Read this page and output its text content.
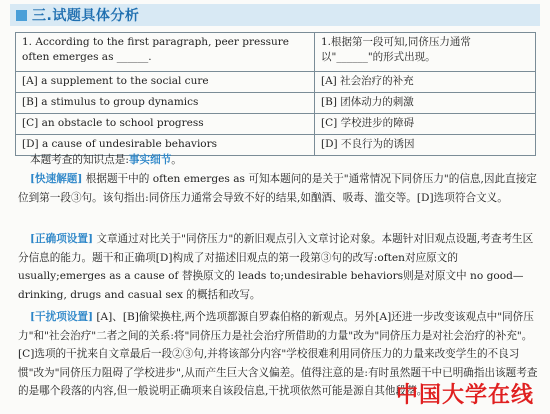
三.试题具体分析
1. According to the first paragraph, peer pressure often emerges as ______.	1.根据第一段可知,同侪压力通常以"______"的形式出现。
[A] a supplement to the social cure	[A] 社会治疗的补充
[B] a stimulus to group dynamics	[B] 团体动力的刺激
[C] an obstacle to school progress	[C] 学校进步的障碍
[D] a cause of undesirable behaviors	[D] 不良行为的诱因
本题考查的知识点是:事实细节。
[快速解题] 根据题干中的 often emerges as 可知本题问的是关于"通常情况下同侪压力"的信息,因此直接定位到第一段③句。该句指出:同侪压力通常会导致不好的结果,如酗酒、吸毒、滥交等。[D]选项符合文义。
[正确项设置] 文章通过对比关于"同侪压力"的新旧观点引入文章讨论对象。本题针对旧观点设题,考查考生区分信息的能力。题干和正确项[D]构成了对描述旧观点的第一段第③句的改写:often对应原文的 usually;emerges as a cause of 替换原文的 leads to;undesirable behaviors则是对原文中 no good—drinking, drugs and casual sex 的概括和改写。
[干扰项设置] [A]、[B]偷梁换柱,两个选项都源自罗森伯格的新观点。另外[A]还进一步改变该观点中"同侪压力"和"社会治疗"二者之间的关系:将"同侪压力是社会治疗所借助的力量"改为"同侪压力是对社会治疗的补充"。[C]选项的干扰来自文章最后一段②③句,并将该部分内容"学校很难利用同侪压力的力量来改变学生的不良习惯"改为"同侪压力阻碍了学校进步",从而产生巨大含义偏差。值得注意的是:有时虽然题干中已明确指出该题考查的是哪个段落的内容,但一般说明正确项来自该段信息,干扰项依然可能是源自其他段落。
中国大学在线
